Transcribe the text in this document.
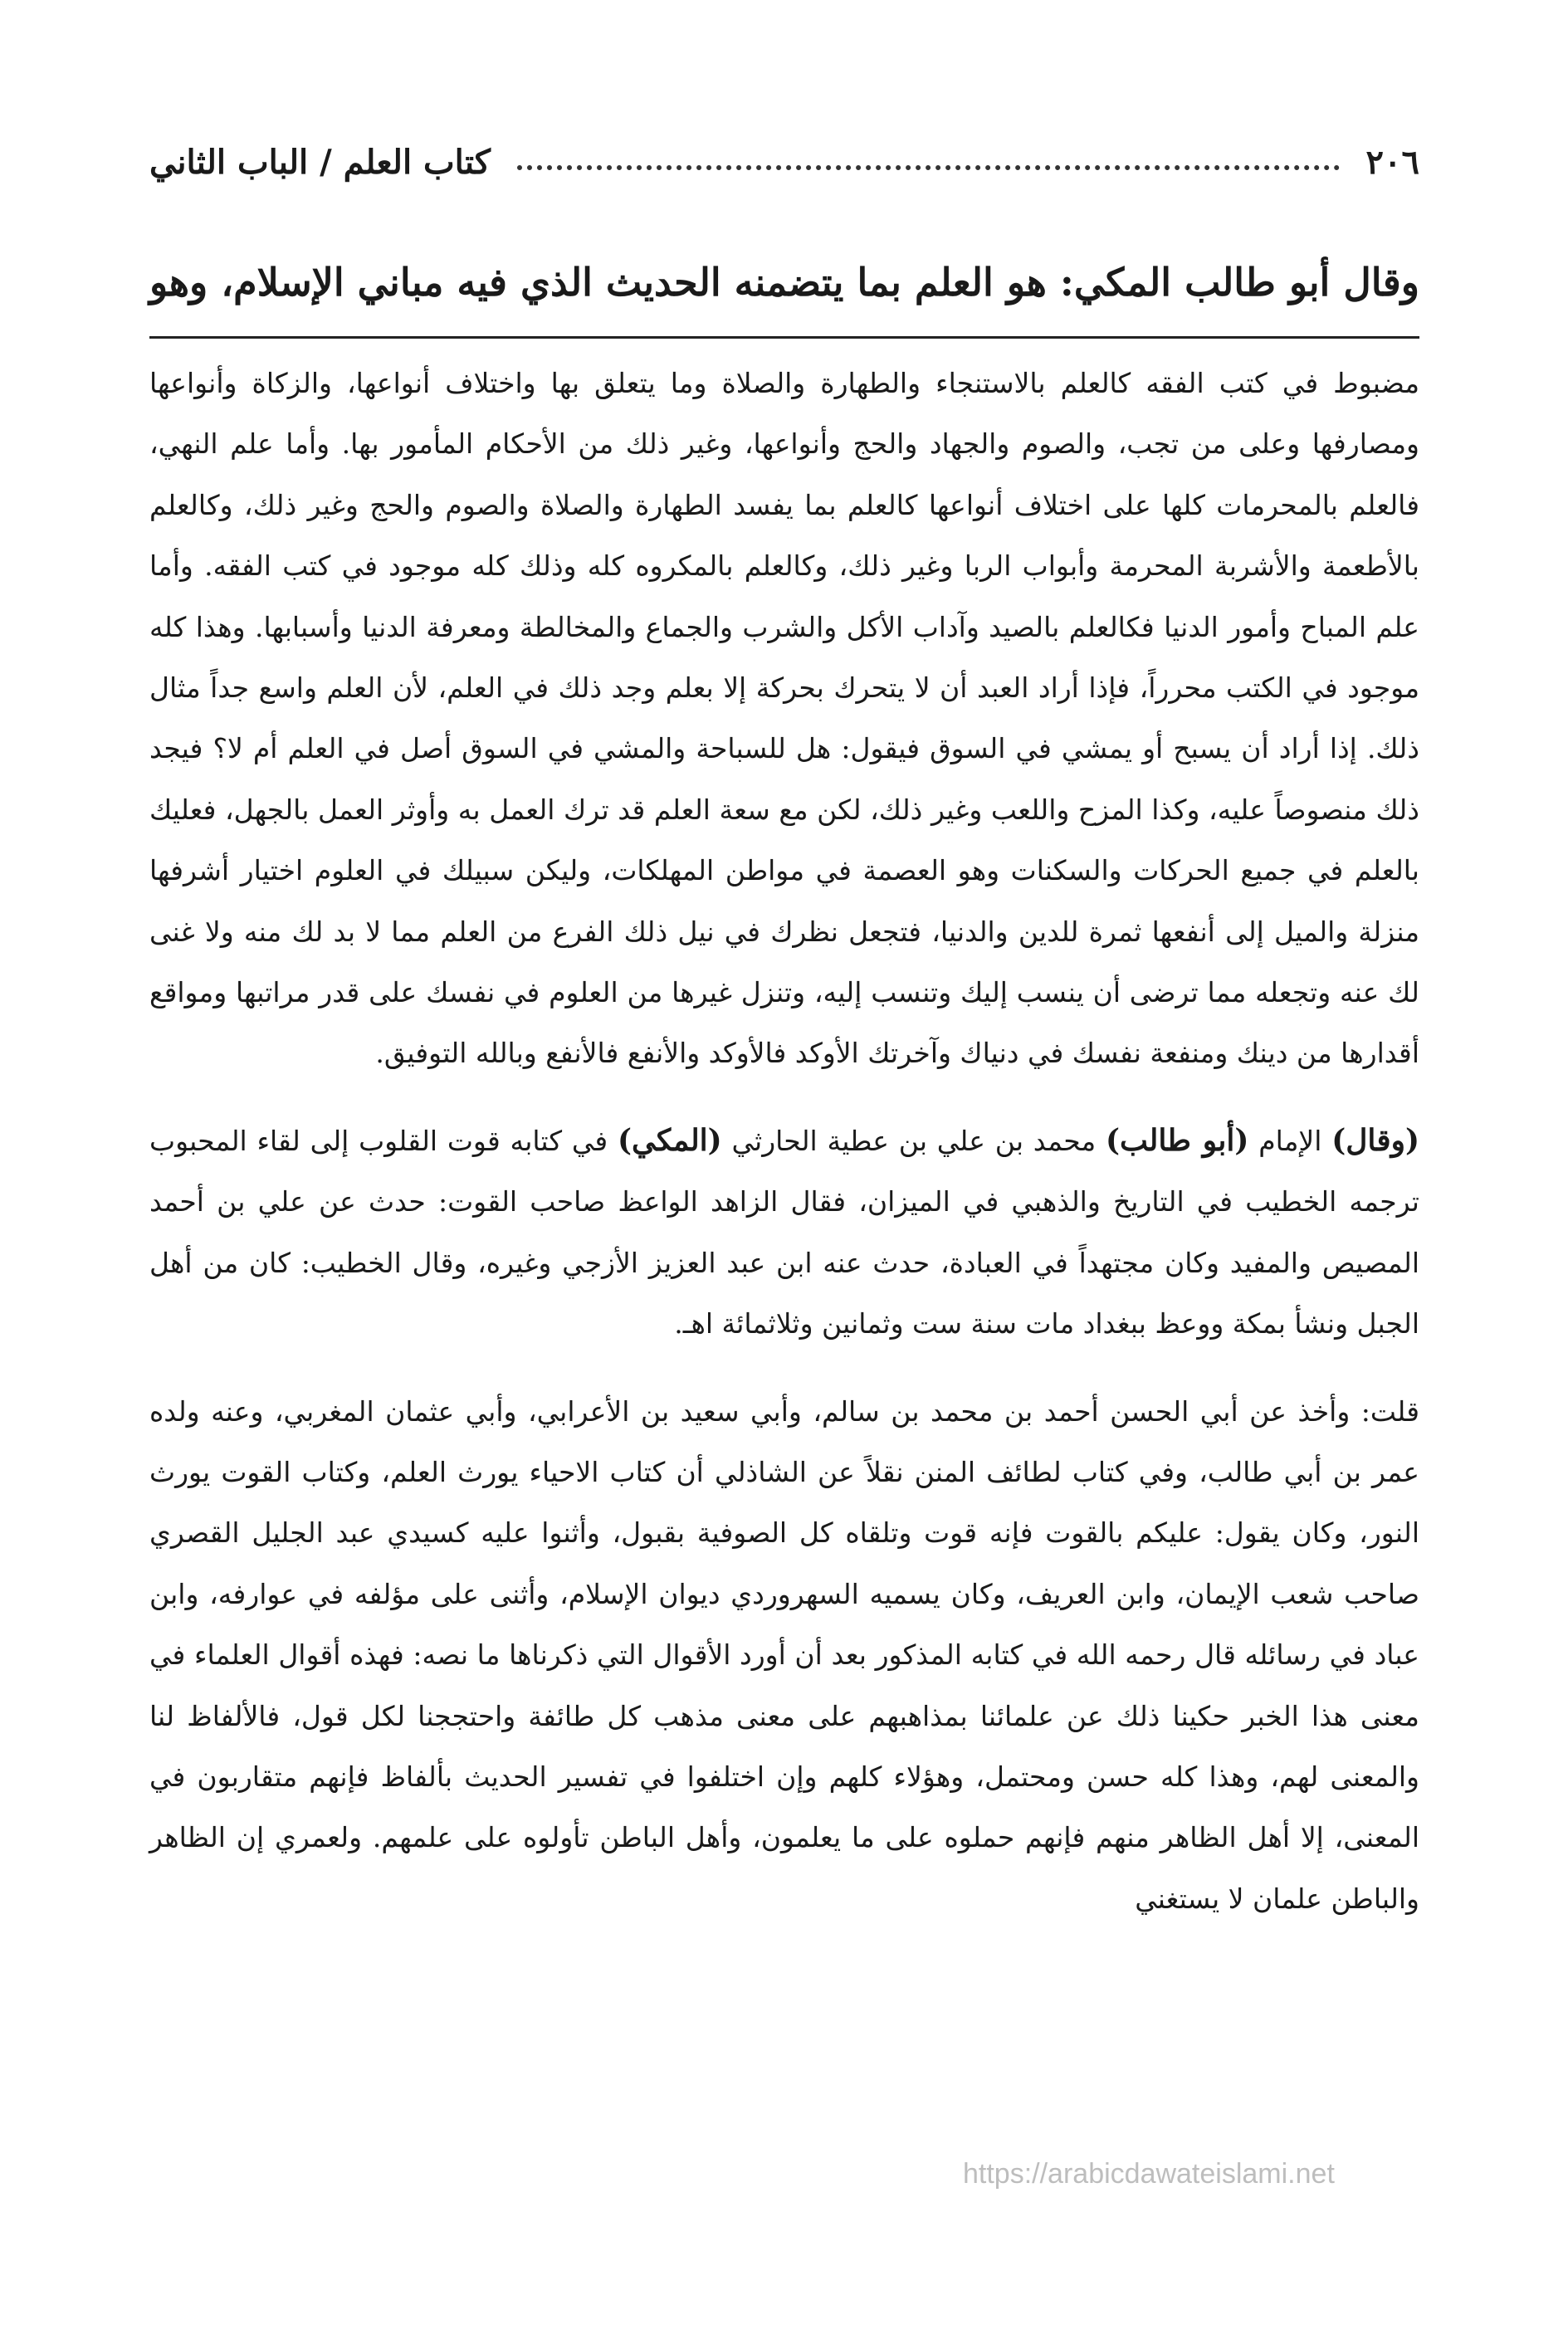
٢٠٦
كتاب العلم / الباب الثاني
وقال أبو طالب المكي: هو العلم بما يتضمنه الحديث الذي فيه مباني الإسلام، وهو

مضبوط في كتب الفقه كالعلم بالاستنجاء والطهارة والصلاة وما يتعلق بها واختلاف أنواعها، والزكاة وأنواعها ومصارفها وعلى من تجب، والصوم والجهاد والحج وأنواعها، وغير ذلك من الأحكام المأمور بها. وأما علم النهي، فالعلم بالمحرمات كلها على اختلاف أنواعها كالعلم بما يفسد الطهارة والصلاة والصوم والحج وغير ذلك، وكالعلم بالأطعمة والأشربة المحرمة وأبواب الربا وغير ذلك، وكالعلم بالمكروه كله وذلك كله موجود في كتب الفقه. وأما علم المباح وأمور الدنيا فكالعلم بالصيد وآداب الأكل والشرب والجماع والمخالطة ومعرفة الدنيا وأسبابها. وهذا كله موجود في الكتب محرراً، فإذا أراد العبد أن لا يتحرك بحركة إلا بعلم وجد ذلك في العلم، لأن العلم واسع جداً مثال ذلك. إذا أراد أن يسبح أو يمشي في السوق فيقول: هل للسباحة والمشي في السوق أصل في العلم أم لا؟ فيجد ذلك منصوصاً عليه، وكذا المزح واللعب وغير ذلك، لكن مع سعة العلم قد ترك العمل به وأوثر العمل بالجهل، فعليك بالعلم في جميع الحركات والسكنات وهو العصمة في مواطن المهلكات، وليكن سبيلك في العلوم اختيار أشرفها منزلة والميل إلى أنفعها ثمرة للدين والدنيا، فتجعل نظرك في نيل ذلك الفرع من العلم مما لا بد لك منه ولا غنى لك عنه وتجعله مما ترضى أن ينسب إليك وتنسب إليه، وتنزل غيرها من العلوم في نفسك على قدر مراتبها ومواقع أقدارها من دينك ومنفعة نفسك في دنياك وآخرتك الأوكد فالأوكد والأنفع فالأنفع وبالله التوفيق.

(وقال) الإمام (أبو طالب) محمد بن علي بن عطية الحارثي (المكي) في كتابه قوت القلوب إلى لقاء المحبوب ترجمه الخطيب في التاريخ والذهبي في الميزان، فقال الزاهد الواعظ صاحب القوت: حدث عن علي بن أحمد المصيص والمفيد وكان مجتهداً في العبادة، حدث عنه ابن عبد العزيز الأزجي وغيره، وقال الخطيب: كان من أهل الجبل ونشأ بمكة ووعظ ببغداد مات سنة ست وثمانين وثلاثمائة اهـ.

قلت: وأخذ عن أبي الحسن أحمد بن محمد بن سالم، وأبي سعيد بن الأعرابي، وأبي عثمان المغربي، وعنه ولده عمر بن أبي طالب، وفي كتاب لطائف المنن نقلاً عن الشاذلي أن كتاب الاحياء يورث العلم، وكتاب القوت يورث النور، وكان يقول: عليكم بالقوت فإنه قوت وتلقاه كل الصوفية بقبول، وأثنوا عليه كسيدي عبد الجليل القصري صاحب شعب الإيمان، وابن العريف، وكان يسميه السهروردي ديوان الإسلام، وأثنى على مؤلفه في عوارفه، وابن عباد في رسائله قال رحمه الله في كتابه المذكور بعد أن أورد الأقوال التي ذكرناها ما نصه: فهذه أقوال العلماء في معنى هذا الخبر حكينا ذلك عن علمائنا بمذاهبهم على معنى مذهب كل طائفة واحتججنا لكل قول، فالألفاظ لنا والمعنى لهم، وهذا كله حسن ومحتمل، وهؤلاء كلهم وإن اختلفوا في تفسير الحديث بألفاظ فإنهم متقاربون في المعنى، إلا أهل الظاهر منهم فإنهم حملوه على ما يعلمون، وأهل الباطن تأولوه على علمهم. ولعمري إن الظاهر والباطن علمان لا يستغني

https://arabicdawateislami.net
